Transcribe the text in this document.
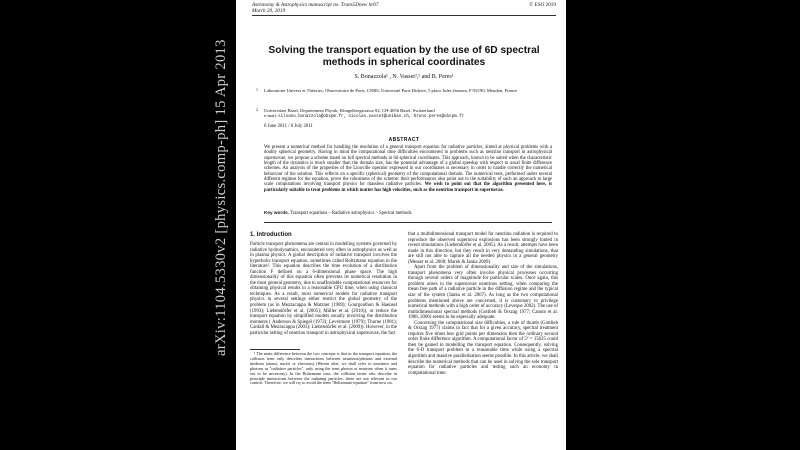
arXiv:1104.5330v2 [physics.comp-ph] 15 Apr 2013
Astronomy & Astrophysics manuscript no. Trans5Dnew hr07
March 20, 2019
© ESO 2019
Solving the transport equation by the use of 6D spectral methods in spherical coordinates
S. Bonazzola¹ , N. Vasset²,¹ and B. Peres¹
1 Laboratoire Univers et Théories, Observatoire de Paris, CNRS, Université Paris Diderot, 5 place Jules Janssen, F-92190, Meudon, France
2 Universitaet Basel, Departement Physik, Klingelbergstrasse 82, CH-4056 Basel, Switzerland
e-mail: silvano.bonazzola@obspm.fr, nicolas.vasset@unibas.ch, bruno.peres@obspm.fr
6 June 2011 / 6 July 2011
ABSTRACT
We present a numerical method for handling the resolution of a general transport equation for radiative particles, aimed at physical problems with a doubly spherical geometry. Having in mind the computational time difficulties encountered in problems such as neutrino transport in astrophysical supernovae, we propose a scheme based on full spectral methods in 6d spherical coordinates. This approach, known to be suited when the characteristic length of the dynamics is much smaller than the domain size, has the potential advantage of a global speedup with respect to usual finite difference schemes. An analysis of the properties of the Liouville operator expressed in our coordinates is necessary in order to handle correctly the numerical behaviour of the solution. This reflects on a specific (spherical) geometry of the computational domain. The numerical tests, performed under several different regimes for the equation, prove the robustness of the scheme: their performances also point out to the suitability of such an approach to large scale computations involving transport physics for massless radiative particles. We wish to point out that the algorithm presented here, is particularly suitable to treat problems in which matter has high velocities, such as the neutrino transport in supernovae.
Key words. Transport equations – Radiative astrophysics – Spectral methods
1. Introduction

Particle transport phenomena are central in modelling systems governed by radiative hydrodynamics, encountered very often in astrophysics as well as in plasma physics. A global description of radiative transport involves the hyperbolic transport equation, sometimes called Boltzmann equation in the literature¹. This equation describes the time evolution of a distribution function F defined on a 6-dimensional phase space. The high dimensionality of this equation often prevents its numerical resolution in the most general geometry, due to unaffordable computational resources for obtaining physical results in a reasonable CPU time, when using classical techniques. As a result, most numerical models for radiative transport physics in several settings either restrict the global geometry of the problem (as in Mezzacappa & Matzner (1989); Gourgoulhon & Haensel (1993); Liebendörfer et al. (2005); Müller et al. (2010)), or reduce the transport equation by simplified models usually involving the distribution moments ( Anderson & Spiegel (1972); Levermore (1979); Thorne (1981); Cardall & Mezzacappa (2003); Liebendörfer et al. (2009)). However, in the particular setting of neutrino transport in astrophysical supernovae, the fact

that a multidimensional transport model for neutrino radiation is required to reproduce the observed supernova explosions has been strongly hinted in recent simulations (Liebendörfer et al. 2005). As a result, attempts have been made in this direction, but they result in very demanding simulations, that are still not able to capture all the needed physics in a general geometry (Messer et al. 2008; Marek & Janka 2009).

Apart from the problem of dimensionality and size of the simulations, transport phenomena very often involve physical processes occurring through several orders of magnitude for particular scales. Once again, this problem arises in the supernovae neutrinos setting, when comparing the mean free path of a radiative particle in the diffusion regime and the typical size of the system (Janka et al. 2007). As long as the two computational problems mentioned above are concerned, it is customary to privilege numerical methods with a high order of accuracy (Leveque 2002). The use of multidimensional spectral methods (Gottlieb & Orszag 1977; Canuto et al. 1988, 2006) seems to be especially adequate.

Concerning the computational size difficulties, a rule of thumb (Gottlieb & Orszag 1977) claims in fact that for a given accuracy, spectral treatment requires five times less grid points per dimension then the ordinary second order finite difference algorithm. A computational factor of 5⁶ = 15625 could then be gained in modelling the transport equation. Consequently, solving the 6-D transport problem in a reasonable time while using a spectral algorithm and massive parallelisation seems possible. In this article, we shall describe the numerical methods that can be used in solving the sole transport equation for radiative particles and testing such an economy in computational time.

¹ The main difference between the two concepts is that in the transport equation, the collision term only describes interactions between neutrinos/photons and external medium (atoms, nuclei or electrons) (Herein after, we shall refer to neutrinos and photons as "radiative particles", only using the term photon or neutrino when it turns out to be necessary). In the Boltzmann case, the collision terms also describe in principle interactions between the radiating particles; these are not relevant in our context. Therefore, we will try to avoid the term "Boltzmann equation" from now on.
